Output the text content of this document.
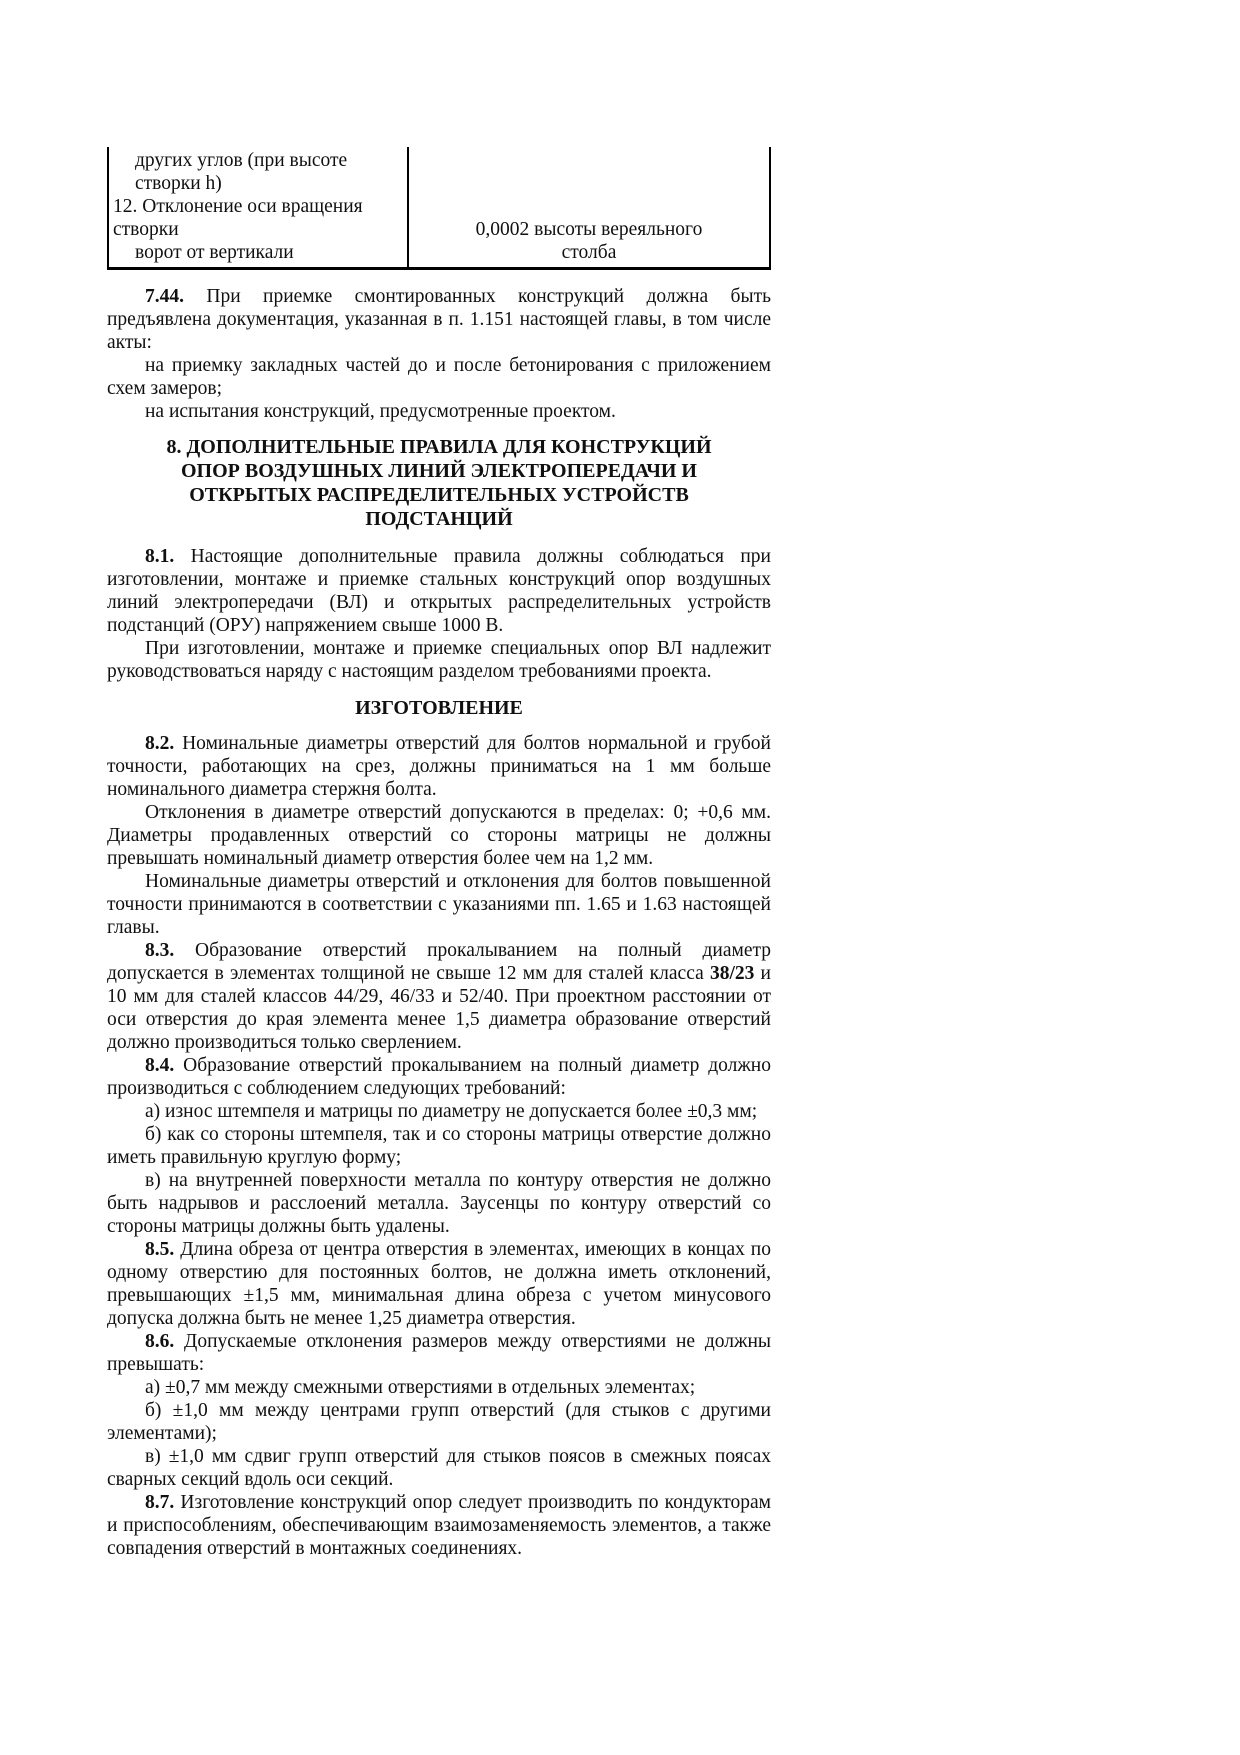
других углов (при высоте створки h)
12. Отклонение оси вращения створки
ворот от вертикали
0,0002 высоты вереяльного
столба

7.44. При приемке смонтированных конструкций должна быть предъявлена документация, указанная в п. 1.151 настоящей главы, в том числе акты:

на приемку закладных частей до и после бетонирования с приложением схем замеров;

на испытания конструкций, предусмотренные проектом.

8. ДОПОЛНИТЕЛЬНЫЕ ПРАВИЛА ДЛЯ КОНСТРУКЦИЙ
ОПОР ВОЗДУШНЫХ ЛИНИЙ ЭЛЕКТРОПЕРЕДАЧИ И
ОТКРЫТЫХ РАСПРЕДЕЛИТЕЛЬНЫХ УСТРОЙСТВ
ПОДСТАНЦИЙ

8.1. Настоящие дополнительные правила должны соблюдаться при изготовлении, монтаже и приемке стальных конструкций опор воздушных линий электропередачи (ВЛ) и открытых распределительных устройств подстанций (ОРУ) напряжением свыше 1000 В.

При изготовлении, монтаже и приемке специальных опор ВЛ надлежит руководствоваться наряду с настоящим разделом требованиями проекта.

ИЗГОТОВЛЕНИЕ

8.2. Номинальные диаметры отверстий для болтов нормальной и грубой точности, работающих на срез, должны приниматься на 1 мм больше номинального диаметра стержня болта.

Отклонения в диаметре отверстий допускаются в пределах: 0; +0,6 мм. Диаметры продавленных отверстий со стороны матрицы не должны превышать номинальный диаметр отверстия более чем на 1,2 мм.

Номинальные диаметры отверстий и отклонения для болтов повышенной точности принимаются в соответствии с указаниями пп. 1.65 и 1.63 настоящей главы.

8.3. Образование отверстий прокалыванием на полный диаметр допускается в элементах толщиной не свыше 12 мм для сталей класса 38/23 и 10 мм для сталей классов 44/29, 46/33 и 52/40. При проектном расстоянии от оси отверстия до края элемента менее 1,5 диаметра образование отверстий должно производиться только сверлением.

8.4. Образование отверстий прокалыванием на полный диаметр должно производиться с соблюдением следующих требований:

а) износ штемпеля и матрицы по диаметру не допускается более ±0,3 мм;

б) как со стороны штемпеля, так и со стороны матрицы отверстие должно иметь правильную круглую форму;

в) на внутренней поверхности металла по контуру отверстия не должно быть надрывов и расслоений металла. Заусенцы по контуру отверстий со стороны матрицы должны быть удалены.

8.5. Длина обреза от центра отверстия в элементах, имеющих в концах по одному отверстию для постоянных болтов, не должна иметь отклонений, превышающих ±1,5 мм, минимальная длина обреза с учетом минусового допуска должна быть не менее 1,25 диаметра отверстия.

8.6. Допускаемые отклонения размеров между отверстиями не должны превышать:

а) ±0,7 мм между смежными отверстиями в отдельных элементах;

б) ±1,0 мм между центрами групп отверстий (для стыков с другими элементами);

в) ±1,0 мм сдвиг групп отверстий для стыков поясов в смежных поясах сварных секций вдоль оси секций.

8.7. Изготовление конструкций опор следует производить по кондукторам и приспособлениям, обеспечивающим взаимозаменяемость элементов, а также совпадения отверстий в монтажных соединениях.
